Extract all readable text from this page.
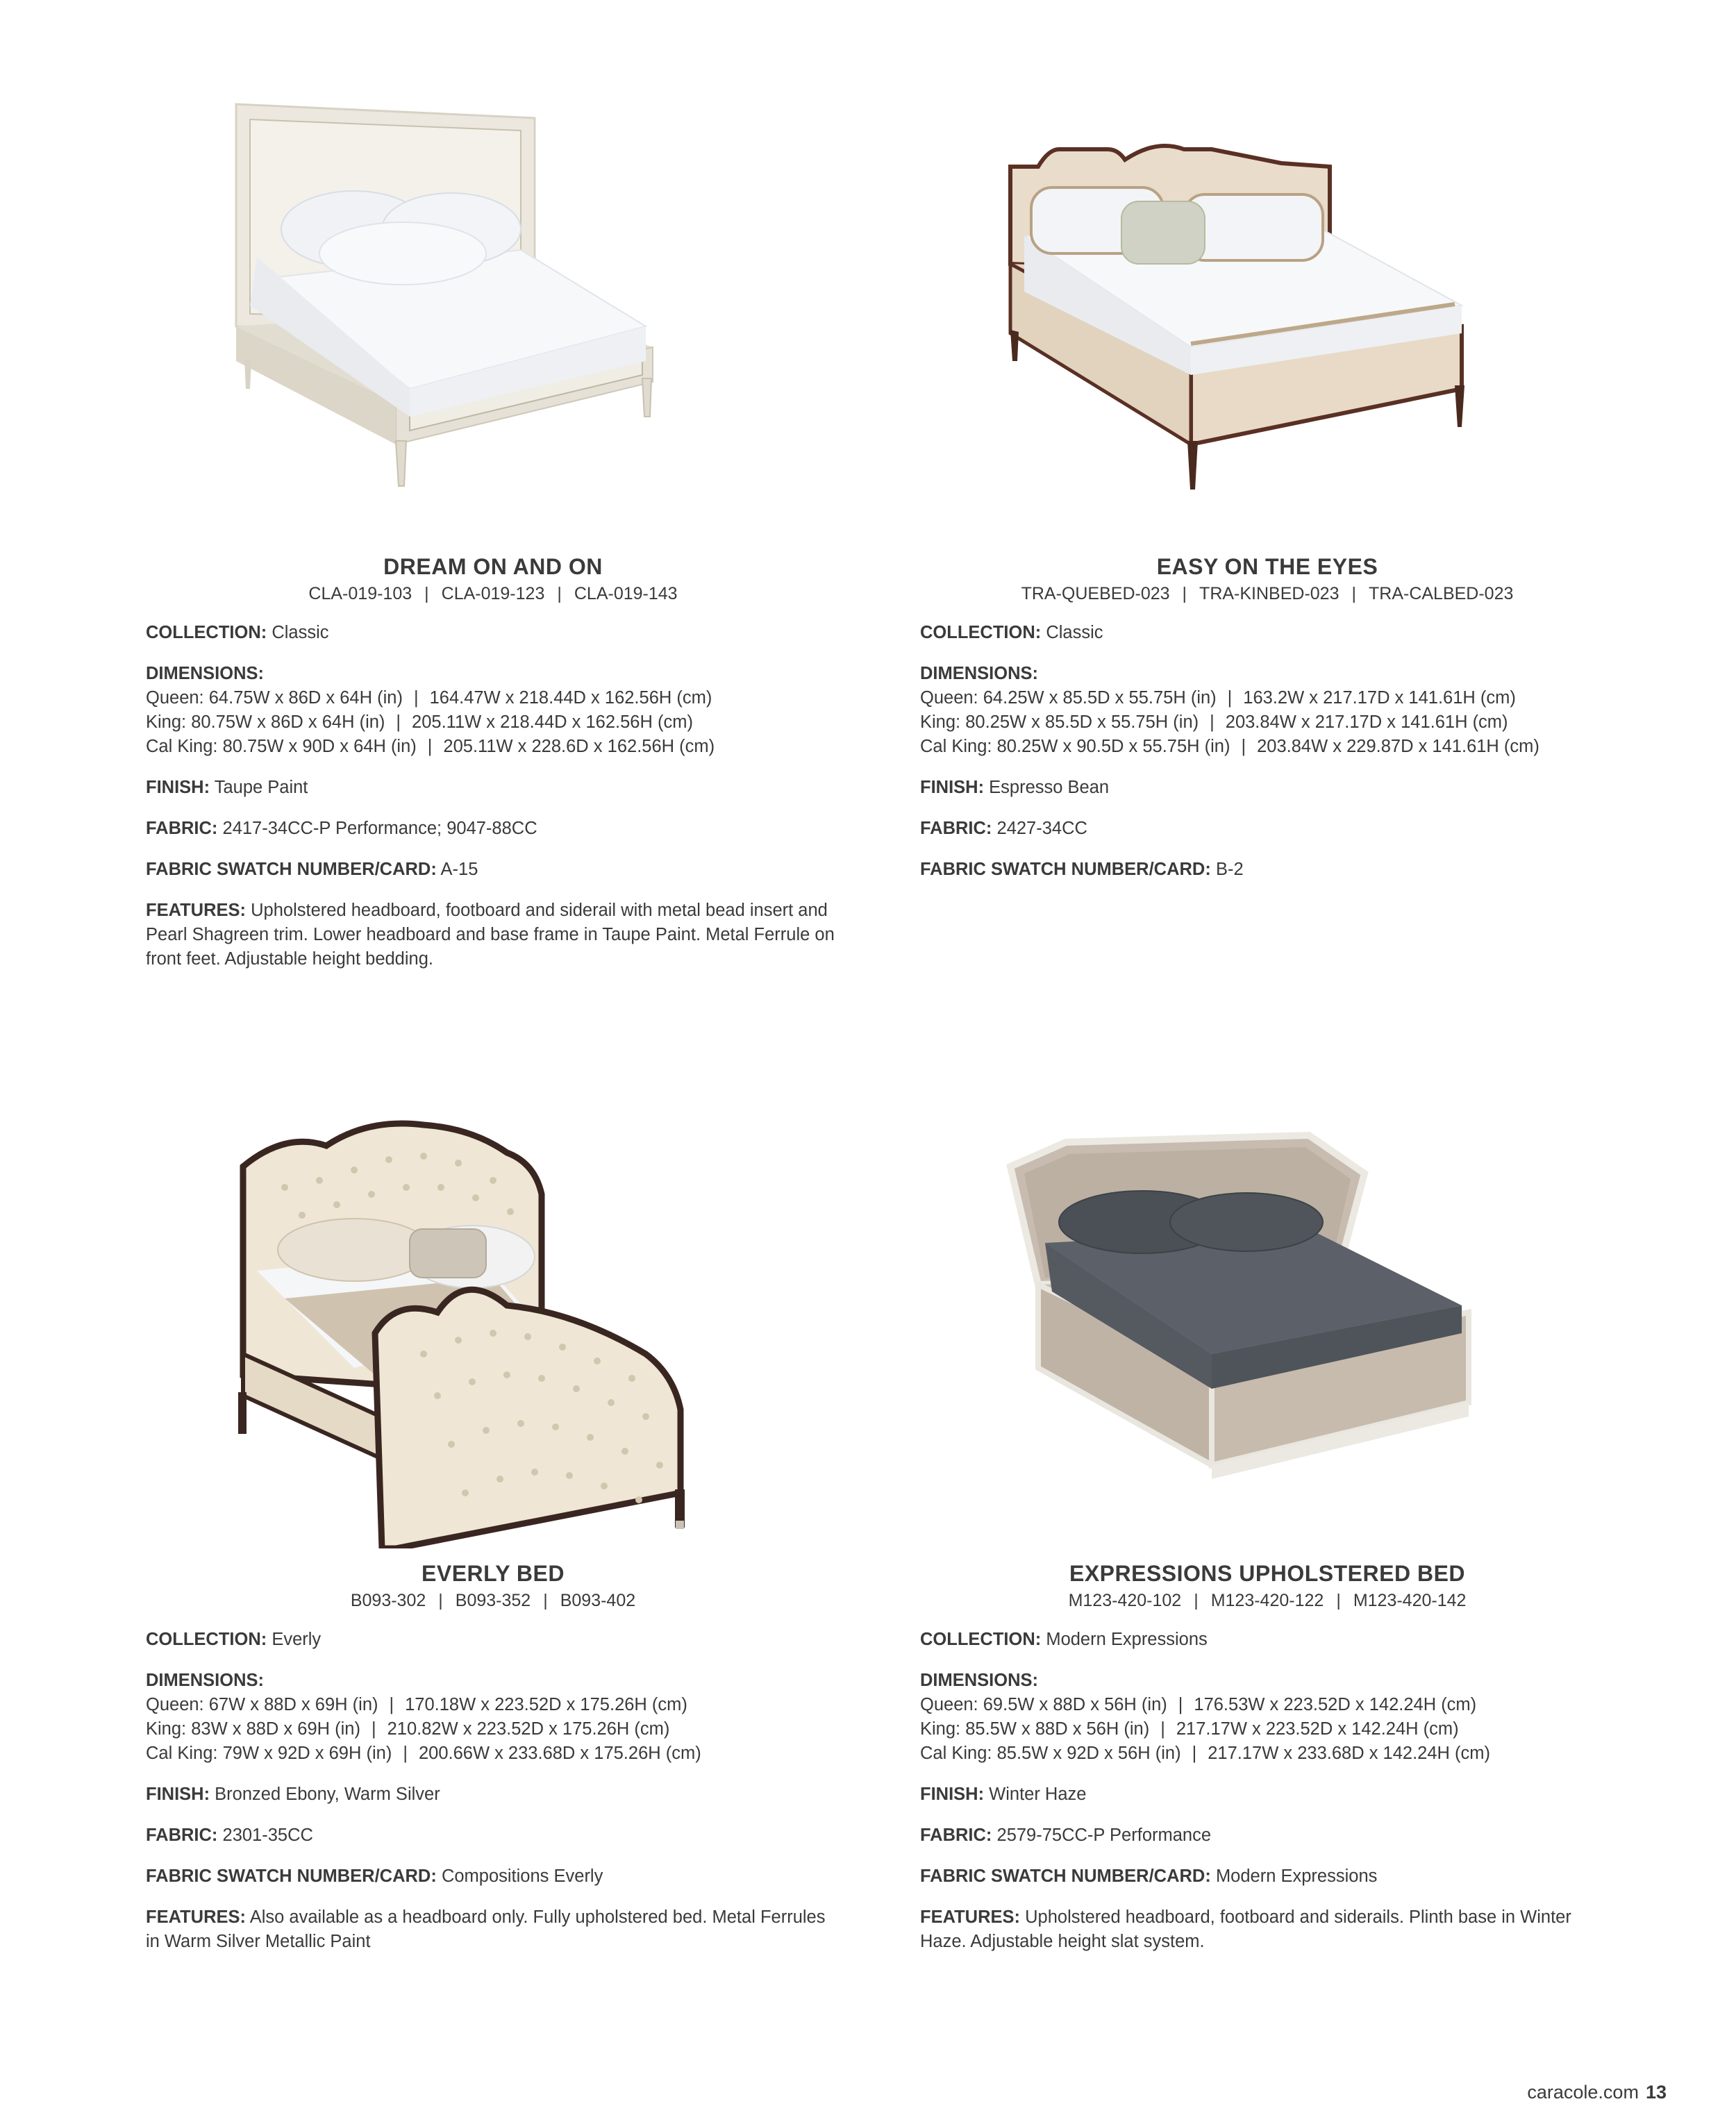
DREAM ON AND ON
CLA-019-103 | CLA-019-123 | CLA-019-143
COLLECTION: Classic
DIMENSIONS:
Queen: 64.75W x 86D x 64H (in) | 164.47W x 218.44D x 162.56H (cm)
King: 80.75W x 86D x 64H (in) | 205.11W x 218.44D x 162.56H (cm)
Cal King: 80.75W x 90D x 64H (in) | 205.11W x 228.6D x 162.56H (cm)
FINISH: Taupe Paint
FABRIC: 2417-34CC-P Performance; 9047-88CC
FABRIC SWATCH NUMBER/CARD: A-15
FEATURES: Upholstered headboard, footboard and siderail with metal bead insert and Pearl Shagreen trim. Lower headboard and base frame in Taupe Paint. Metal Ferrule on front feet. Adjustable height bedding.
EASY ON THE EYES
TRA-QUEBED-023 | TRA-KINBED-023 | TRA-CALBED-023
COLLECTION: Classic
DIMENSIONS:
Queen: 64.25W x 85.5D x 55.75H (in) | 163.2W x 217.17D x 141.61H (cm)
King: 80.25W x 85.5D x 55.75H (in) | 203.84W x 217.17D x 141.61H (cm)
Cal King: 80.25W x 90.5D x 55.75H (in) | 203.84W x 229.87D x 141.61H (cm)
FINISH: Espresso Bean
FABRIC: 2427-34CC
FABRIC SWATCH NUMBER/CARD: B-2
EVERLY BED
B093-302 | B093-352 | B093-402
COLLECTION: Everly
DIMENSIONS:
Queen: 67W x 88D x 69H (in) | 170.18W x 223.52D x 175.26H (cm)
King: 83W x 88D x 69H (in) | 210.82W x 223.52D x 175.26H (cm)
Cal King: 79W x 92D x 69H (in) | 200.66W x 233.68D x 175.26H (cm)
FINISH: Bronzed Ebony, Warm Silver
FABRIC: 2301-35CC
FABRIC SWATCH NUMBER/CARD: Compositions Everly
FEATURES: Also available as a headboard only. Fully upholstered bed. Metal Ferrules in Warm Silver Metallic Paint
EXPRESSIONS UPHOLSTERED BED
M123-420-102 | M123-420-122 | M123-420-142
COLLECTION: Modern Expressions
DIMENSIONS:
Queen: 69.5W x 88D x 56H (in) | 176.53W x 223.52D x 142.24H (cm)
King: 85.5W x 88D x 56H (in) | 217.17W x 223.52D x 142.24H (cm)
Cal King: 85.5W x 92D x 56H (in) | 217.17W x 233.68D x 142.24H (cm)
FINISH: Winter Haze
FABRIC: 2579-75CC-P Performance
FABRIC SWATCH NUMBER/CARD: Modern Expressions
FEATURES: Upholstered headboard, footboard and siderails. Plinth base in Winter Haze. Adjustable height slat system.
caracole.com 13
